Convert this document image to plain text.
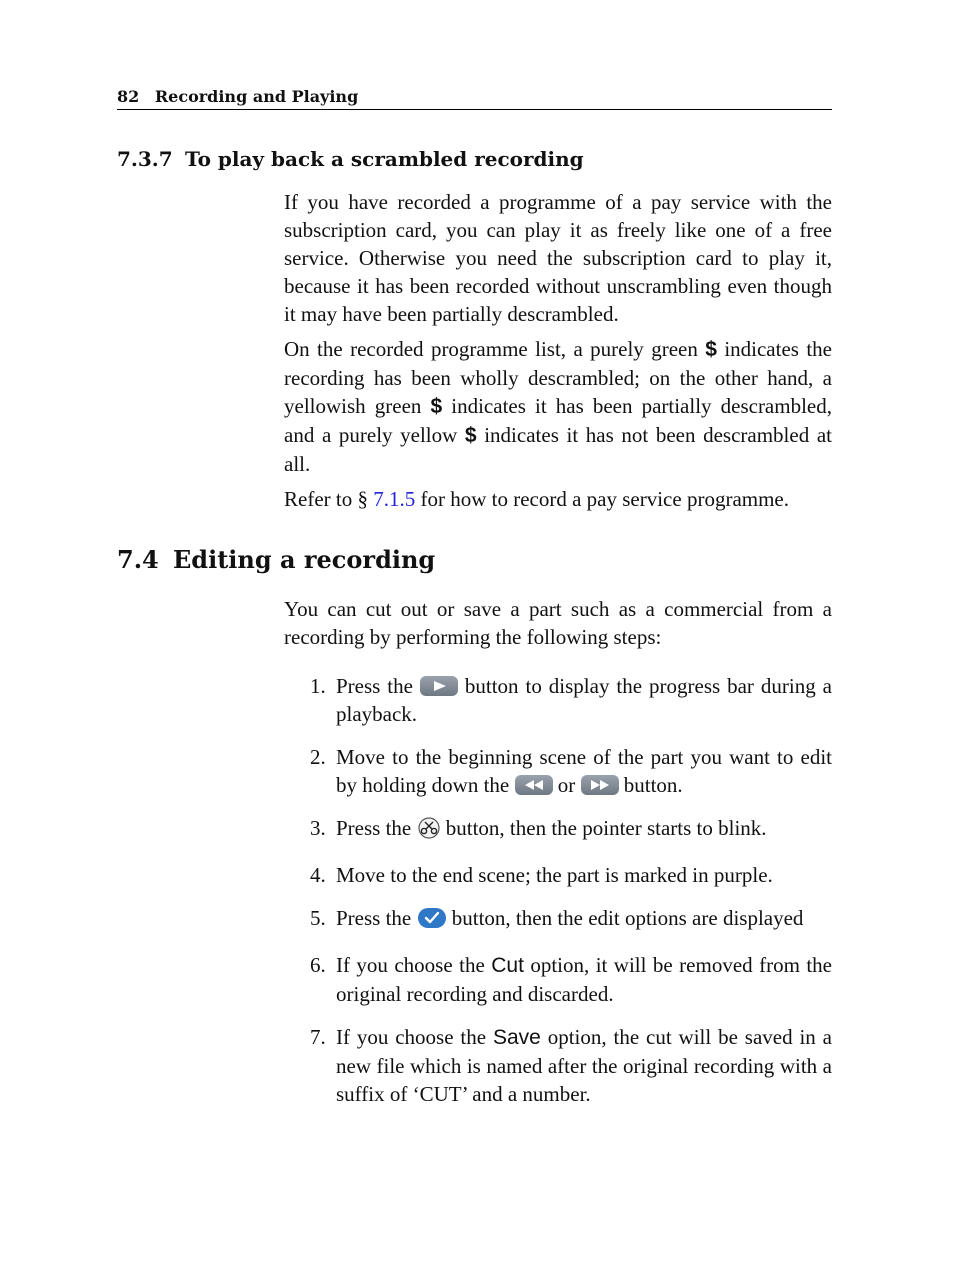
82 Recording and Playing
7.3.7 To play back a scrambled recording

If you have recorded a programme of a pay service with the subscription card, you can play it as freely like one of a free service. Otherwise you need the subscription card to play it, because it has been recorded without unscrambling even though it may have been partially descrambled.

On the recorded programme list, a purely green $ indicates the recording has been wholly descrambled; on the other hand, a yellowish green $ indicates it has been partially descrambled, and a purely yellow $ indicates it has not been descrambled at all.

Refer to § 7.1.5 for how to record a pay service programme.

7.4 Editing a recording

You can cut out or save a part such as a commercial from a recording by performing the following steps:

1. Press the
button to display the progress bar during a playback.
2. Move to the beginning scene of the part you want to edit by holding down the
or
button.
3. Press the  button, then the pointer starts to blink.
4. Move to the end scene; the part is marked in purple.
5. Press the  button, then the edit options are displayed
6. If you choose the Cut option, it will be removed from the original recording and discarded.
7. If you choose the Save option, the cut will be saved in a new file which is named after the original recording with a suffix of ‘CUT’ and a number.
